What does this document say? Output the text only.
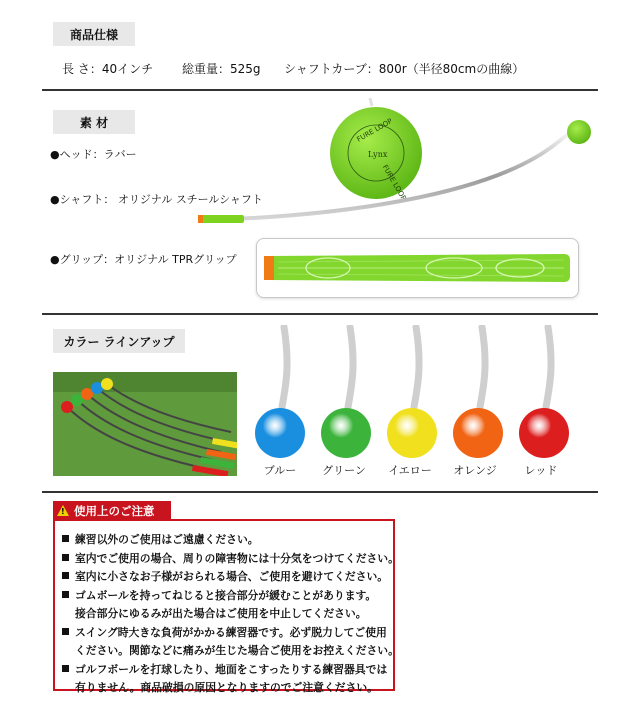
商品仕様
長 さ：40インチ 総重量：525g シャフトカーブ：800r（半径80cmの曲線）
素 材
●ヘッド：ラバー
●シャフト： オリジナル スチールシャフト
●グリップ：オリジナル TPRグリップ
FURE LOOP
Lynx
FURE LOOP
カラー ラインアップ
ブルー	グリーン	イエロー	オレンジ	レッド
! 使用上のご注意
練習以外のご使用はご遠慮ください。
室内でご使用の場合、周りの障害物には十分気をつけてください。
室内に小さなお子様がおられる場合、ご使用を避けてください。
ゴムボールを持ってねじると接合部分が緩むことがあります。
接合部分にゆるみが出た場合はご使用を中止してください。
スイング時大きな負荷がかかる練習器です。必ず脱力してご使用
ください。関節などに痛みが生じた場合ご使用をお控えください。
ゴルフボールを打球したり、地面をこすったりする練習器具では
有りません。商品破損の原因となりますのでご注意ください。
